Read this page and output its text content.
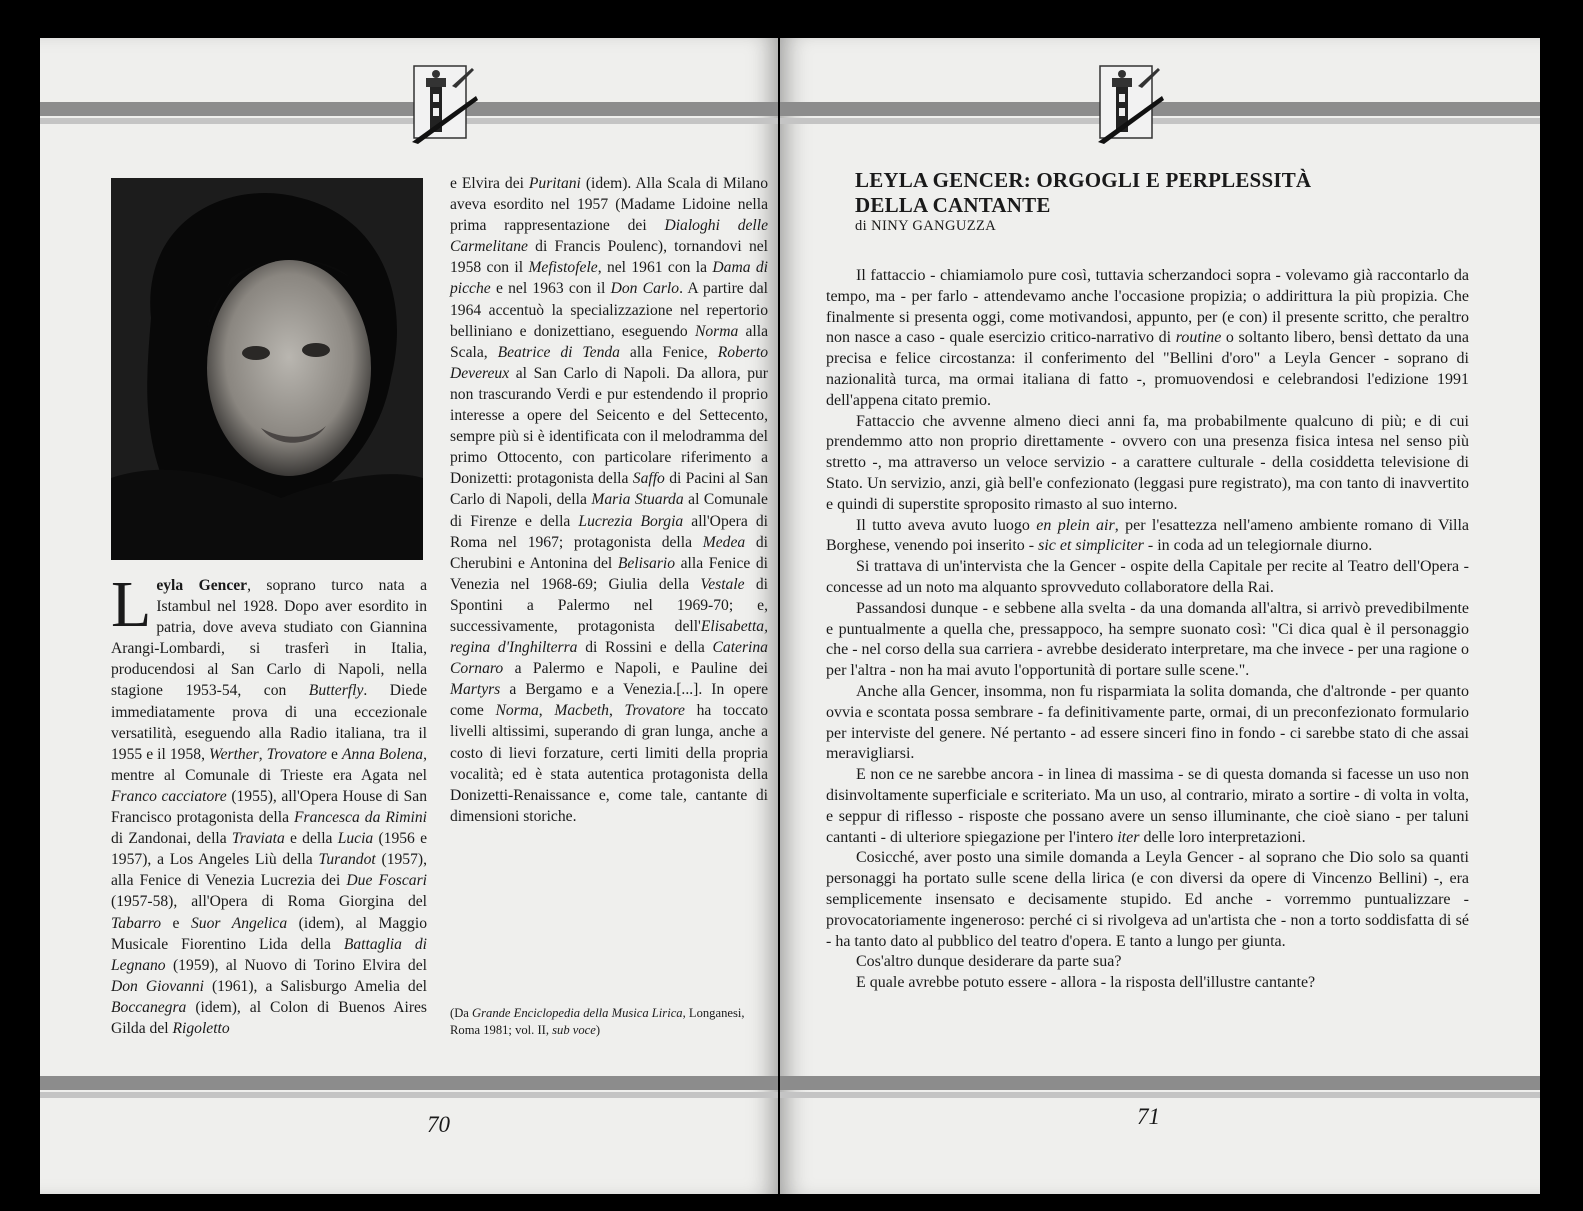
L eyla Gencer, soprano turco nata a Istambul nel 1928. Dopo aver esordito in patria, dove aveva studiato con Giannina Arangi-Lombardi, si trasferì in Italia, producendosi al San Carlo di Napoli, nella stagione 1953-54, con Butterfly. Diede immediatamente prova di una eccezionale versatilità, eseguendo alla Radio italiana, tra il 1955 e il 1958, Werther, Trovatore e Anna Bolena, mentre al Comunale di Trieste era Agata nel Franco cacciatore (1955), all'Opera House di San Francisco protagonista della Francesca da Rimini di Zandonai, della Traviata e della Lucia (1956 e 1957), a Los Angeles Liù della Turandot (1957), alla Fenice di Venezia Lucrezia dei Due Foscari (1957-58), all'Opera di Roma Giorgina del Tabarro e Suor Angelica (idem), al Maggio Musicale Fiorentino Lida della Battaglia di Legnano (1959), al Nuovo di Torino Elvira del Don Giovanni (1961), a Salisburgo Amelia del Boccanegra (idem), al Colon di Buenos Aires Gilda del Rigoletto

e Elvira dei Puritani (idem). Alla Scala di Milano aveva esordito nel 1957 (Madame Lidoine nella prima rappresentazione dei Dialoghi delle Carmelitane di Francis Poulenc), tornandovi nel 1958 con il Mefistofele, nel 1961 con la Dama di picche e nel 1963 con il Don Carlo. A partire dal 1964 accentuò la specializzazione nel repertorio belliniano e donizettiano, eseguendo Norma alla Scala, Beatrice di Tenda alla Fenice, Roberto Devereux al San Carlo di Napoli. Da allora, pur non trascurando Verdi e pur estendendo il proprio interesse a opere del Seicento e del Settecento, sempre più si è identificata con il melodramma del primo Ottocento, con particolare riferimento a Donizetti: protagonista della Saffo di Pacini al San Carlo di Napoli, della Maria Stuarda al Comunale di Firenze e della Lucrezia Borgia all'Opera di Roma nel 1967; protagonista della Medea di Cherubini e Antonina del Belisario alla Fenice di Venezia nel 1968-69; Giulia della Vestale di Spontini a Palermo nel 1969-70; e, successivamente, protagonista dell'Elisabetta, regina d'Inghilterra di Rossini e della Caterina Cornaro a Palermo e Napoli, e Pauline dei Martyrs a Bergamo e a Venezia.[...]. In opere come Norma, Macbeth, Trovatore ha toccato livelli altissimi, superando di gran lunga, anche a costo di lievi forzature, certi limiti della propria vocalità; ed è stata autentica protagonista della Donizetti-Renaissance e, come tale, cantante di dimensioni storiche.

(Da Grande Enciclopedia della Musica Lirica, Longanesi, Roma 1981; vol. II, sub voce)
70
LEYLA GENCER: ORGOGLI E PERPLESSITÀ
DELLA CANTANTE
di NINY GANGUZZA

Il fattaccio - chiamiamolo pure così, tuttavia scherzandoci sopra - volevamo già raccontarlo da tempo, ma - per farlo - attendevamo anche l'occasione propizia; o addirittura la più propizia. Che finalmente si presenta oggi, come motivandosi, appunto, per (e con) il presente scritto, che peraltro non nasce a caso - quale esercizio critico-narrativo di routine o soltanto libero, bensì dettato da una precisa e felice circostanza: il conferimento del "Bellini d'oro" a Leyla Gencer - soprano di nazionalità turca, ma ormai italiana di fatto -, promuovendosi e celebrandosi l'edizione 1991 dell'appena citato premio.

Fattaccio che avvenne almeno dieci anni fa, ma probabilmente qualcuno di più; e di cui prendemmo atto non proprio direttamente - ovvero con una presenza fisica intesa nel senso più stretto -, ma attraverso un veloce servizio - a carattere culturale - della cosiddetta televisione di Stato. Un servizio, anzi, già bell'e confezionato (leggasi pure registrato), ma con tanto di inavvertito e quindi di superstite sproposito rimasto al suo interno.

Il tutto aveva avuto luogo en plein air, per l'esattezza nell'ameno ambiente romano di Villa Borghese, venendo poi inserito - sic et simpliciter - in coda ad un telegiornale diurno.

Si trattava di un'intervista che la Gencer - ospite della Capitale per recite al Teatro dell'Opera - concesse ad un noto ma alquanto sprovveduto collaboratore della Rai.

Passandosi dunque - e sebbene alla svelta - da una domanda all'altra, si arrivò prevedibilmente e puntualmente a quella che, pressappoco, ha sempre suonato così: "Ci dica qual è il personaggio che - nel corso della sua carriera - avrebbe desiderato interpretare, ma che invece - per una ragione o per l'altra - non ha mai avuto l'opportunità di portare sulle scene.".

Anche alla Gencer, insomma, non fu risparmiata la solita domanda, che d'altronde - per quanto ovvia e scontata possa sembrare - fa definitivamente parte, ormai, di un preconfezionato formulario per interviste del genere. Né pertanto - ad essere sinceri fino in fondo - ci sarebbe stato di che assai meravigliarsi.

E non ce ne sarebbe ancora - in linea di massima - se di questa domanda si facesse un uso non disinvoltamente superficiale e scriteriato. Ma un uso, al contrario, mirato a sortire - di volta in volta, e seppur di riflesso - risposte che possano avere un senso illuminante, che cioè siano - per taluni cantanti - di ulteriore spiegazione per l'intero iter delle loro interpretazioni.

Cosicché, aver posto una simile domanda a Leyla Gencer - al soprano che Dio solo sa quanti personaggi ha portato sulle scene della lirica (e con diversi da opere di Vincenzo Bellini) -, era semplicemente insensato e decisamente stupido. Ed anche - vorremmo puntualizzare - provocatoriamente ingeneroso: perché ci si rivolgeva ad un'artista che - non a torto soddisfatta di sé - ha tanto dato al pubblico del teatro d'opera. E tanto a lungo per giunta.

Cos'altro dunque desiderare da parte sua?

E quale avrebbe potuto essere - allora - la risposta dell'illustre cantante?

71
